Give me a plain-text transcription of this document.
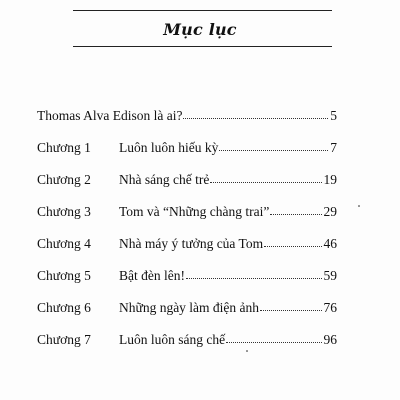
Mục lục
Thomas Alva Edison là ai?	5
Chương 1	Luôn luôn hiếu kỳ	7
Chương 2	Nhà sáng chế trẻ	19
Chương 3	Tom và “Những chàng trai”	29
Chương 4	Nhà máy ý tưởng của Tom	46
Chương 5	Bật đèn lên!	59
Chương 6	Những ngày làm điện ảnh	76
Chương 7	Luôn luôn sáng chế	96
